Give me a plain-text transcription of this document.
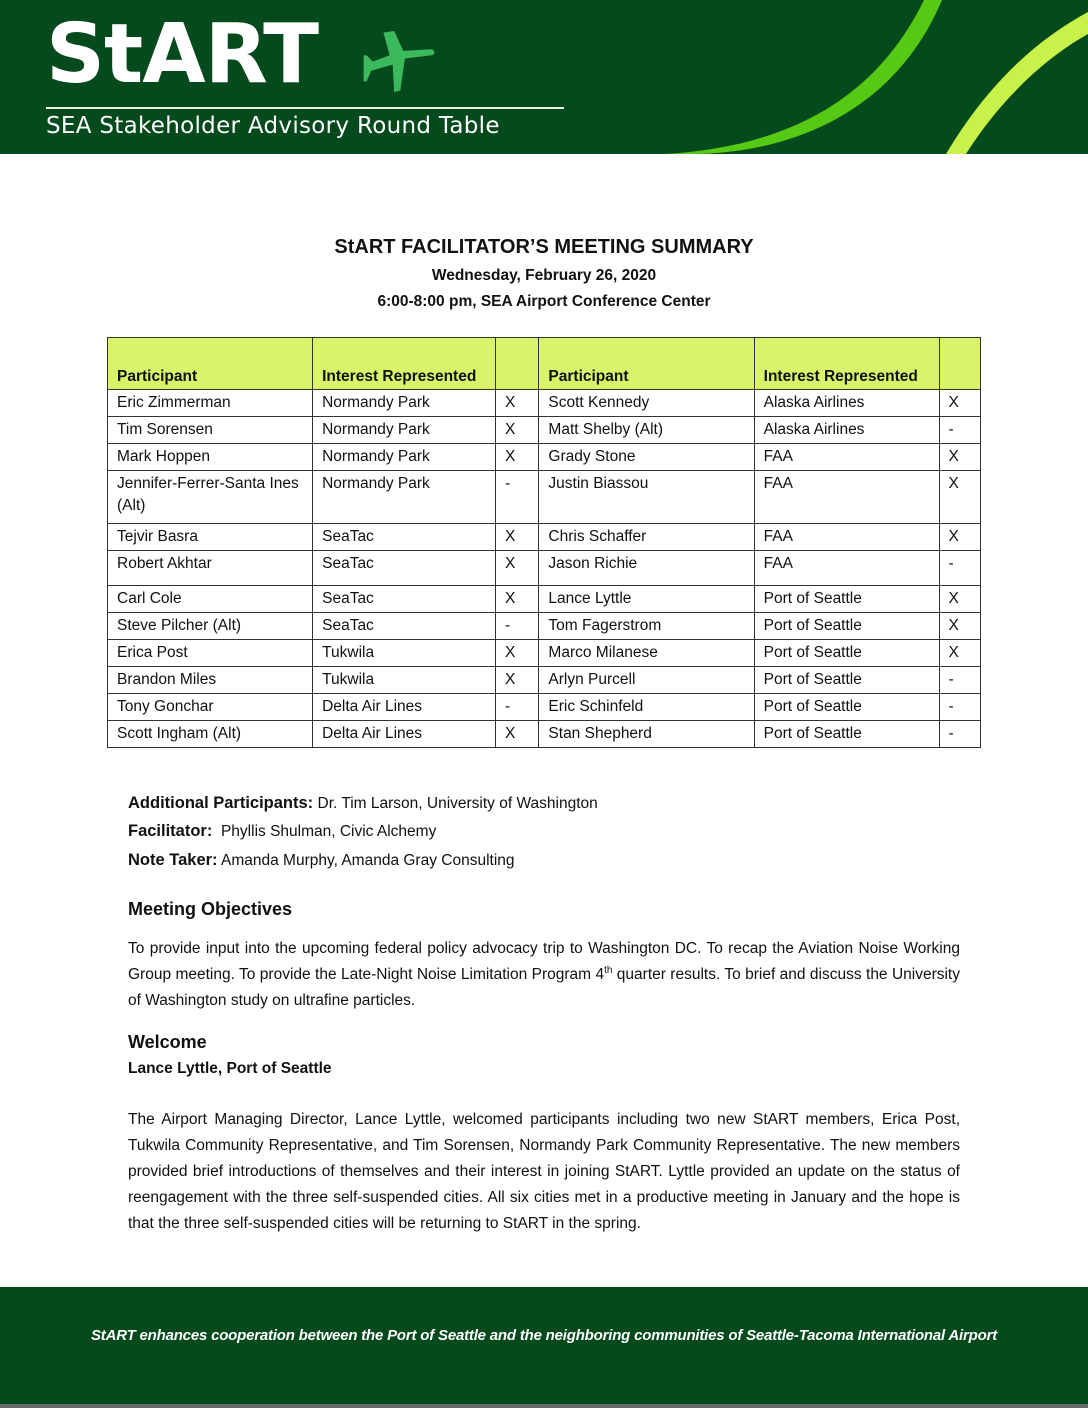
StART
SEA Stakeholder Advisory Round Table
StART FACILITATOR’S MEETING SUMMARY
Wednesday, February 26, 2020
6:00-8:00 pm, SEA Airport Conference Center
Participant	Interest Represented		Participant	Interest Represented	
Eric Zimmerman	Normandy Park	X	Scott Kennedy	Alaska Airlines	X
Tim Sorensen	Normandy Park	X	Matt Shelby (Alt)	Alaska Airlines	-
Mark Hoppen	Normandy Park	X	Grady Stone	FAA	X
Jennifer-Ferrer-Santa Ines (Alt)	Normandy Park	-	Justin Biassou	FAA	X
Tejvir Basra	SeaTac	X	Chris Schaffer	FAA	X
Robert Akhtar	SeaTac	X	Jason Richie	FAA	-
Carl Cole	SeaTac	X	Lance Lyttle	Port of Seattle	X
Steve Pilcher (Alt)	SeaTac	-	Tom Fagerstrom	Port of Seattle	X
Erica Post	Tukwila	X	Marco Milanese	Port of Seattle	X
Brandon Miles	Tukwila	X	Arlyn Purcell	Port of Seattle	-
Tony Gonchar	Delta Air Lines	-	Eric Schinfeld	Port of Seattle	-
Scott Ingham (Alt)	Delta Air Lines	X	Stan Shepherd	Port of Seattle	-
Additional Participants: Dr. Tim Larson, University of Washington
Facilitator:  Phyllis Shulman, Civic Alchemy
Note Taker: Amanda Murphy, Amanda Gray Consulting
Meeting Objectives
To provide input into the upcoming federal policy advocacy trip to Washington DC. To recap the Aviation Noise Working Group meeting. To provide the Late-Night Noise Limitation Program 4th quarter results. To brief and discuss the University of Washington study on ultrafine particles.
Welcome
Lance Lyttle, Port of Seattle
The Airport Managing Director, Lance Lyttle, welcomed participants including two new StART members, Erica Post, Tukwila Community Representative, and Tim Sorensen, Normandy Park Community Representative. The new members provided brief introductions of themselves and their interest in joining StART. Lyttle provided an update on the status of reengagement with the three self-suspended cities. All six cities met in a productive meeting in January and the hope is that the three self-suspended cities will be returning to StART in the spring.
StART enhances cooperation between the Port of Seattle and the neighboring communities of Seattle-Tacoma International Airport
